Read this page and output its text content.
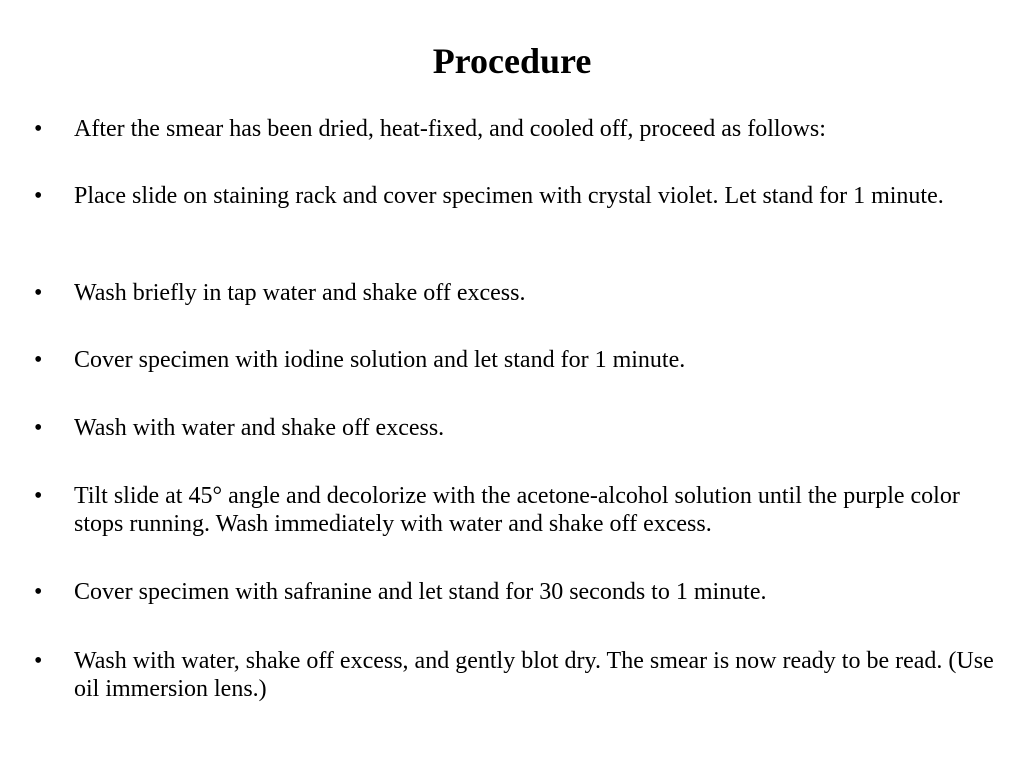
Procedure
•	After the smear has been dried, heat-fixed, and cooled off, proceed as follows:
•	Place slide on staining rack and cover specimen with crystal violet. Let stand for 1 minute.
•	Wash briefly in tap water and shake off excess.
•	Cover specimen with iodine solution and let stand for 1 minute.
•	Wash with water and shake off excess.
•	Tilt slide at 45° angle and decolorize with the acetone-alcohol solution until the purple color stops running. Wash immediately with water and shake off excess.
•	Cover specimen with safranine and let stand for 30 seconds to 1 minute.
•	Wash with water, shake off excess, and gently blot dry. The smear is now ready to be read. (Use oil immersion lens.)
